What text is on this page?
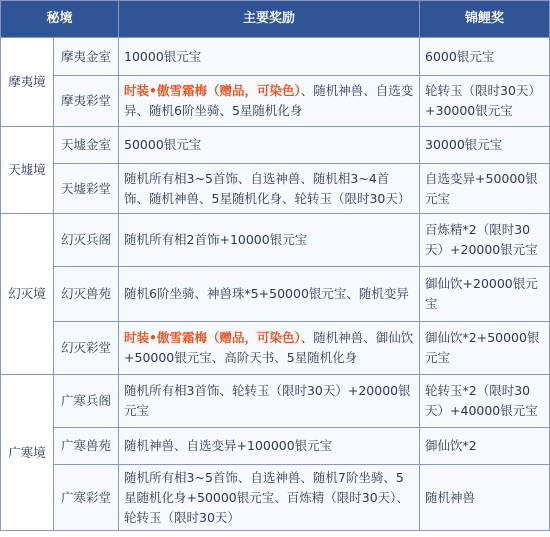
秘境		主要奖励	锦鲤奖
摩夷境	摩夷金室	10000银元宝	6000银元宝
	摩夷彩堂	时装•傲雪霜梅（赠品，可染色）、随机神兽、自选变异、随机6阶坐骑、5星随机化身	轮转玉（限时30天）+30000银元宝
天墟境	天墟金室	50000银元宝	30000银元宝
	天墟彩堂	随机所有相3~5首饰、自选神兽、随机相3~4首饰、随机神兽、5星随机化身、轮转玉（限时30天）	自选变异+50000银元宝
幻灭境	幻灭兵阁	随机所有相2首饰+10000银元宝	百炼精*2（限时30天）+20000银元宝
	幻灭兽苑	随机6阶坐骑、神兽珠*5+50000银元宝、随机变异	御仙饮+20000银元宝
	幻灭彩堂	时装•傲雪霜梅（赠品，可染色）、随机神兽、御仙饮+50000银元宝、高阶天书、5星随机化身	御仙饮*2+50000银元宝
广寒境	广寒兵阁	随机所有相3首饰、轮转玉（限时30天）+20000银元宝	轮转玉*2（限时30天）+40000银元宝
	广寒兽苑	随机神兽、自选变异+100000银元宝	御仙饮*2
	广寒彩堂	随机所有相3~5首饰、自选神兽、随机7阶坐骑、5星随机化身+50000银元宝、百炼精（限时30天）、轮转玉（限时30天）	随机神兽
